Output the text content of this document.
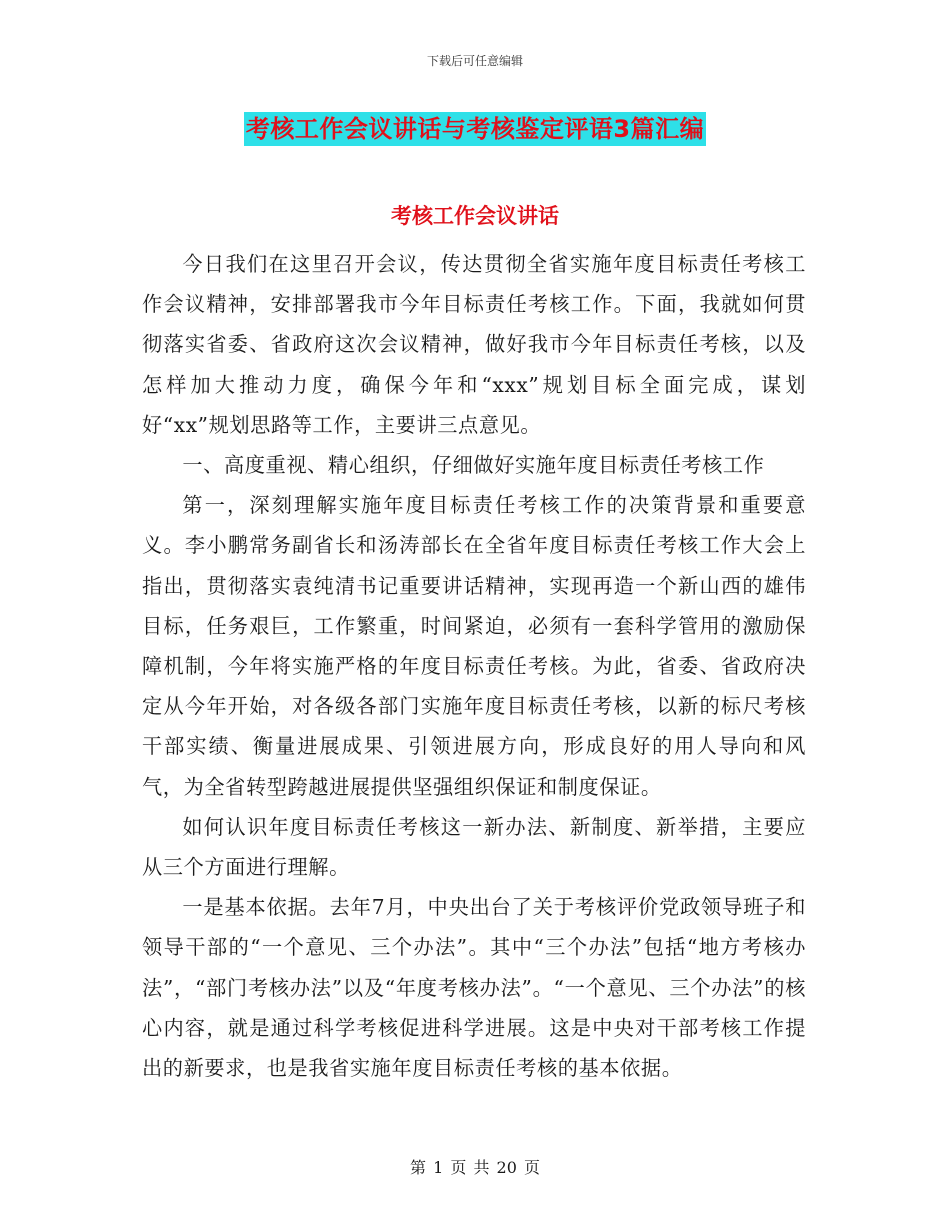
下载后可任意编辑
考核工作会议讲话与考核鉴定评语3篇汇编
考核工作会议讲话

今日我们在这里召开会议，传达贯彻全省实施年度目标责任考核工作会议精神，安排部署我市今年目标责任考核工作。下面，我就如何贯彻落实省委、省政府这次会议精神，做好我市今年目标责任考核，以及怎样加大推动力度，确保今年和“xxx”规划目标全面完成，谋划好“xx”规划思路等工作，主要讲三点意见。

一、高度重视、精心组织，仔细做好实施年度目标责任考核工作

第一，深刻理解实施年度目标责任考核工作的决策背景和重要意义。李小鹏常务副省长和汤涛部长在全省年度目标责任考核工作大会上指出，贯彻落实袁纯清书记重要讲话精神，实现再造一个新山西的雄伟目标，任务艰巨，工作繁重，时间紧迫，必须有一套科学管用的激励保障机制，今年将实施严格的年度目标责任考核。为此，省委、省政府决定从今年开始，对各级各部门实施年度目标责任考核，以新的标尺考核干部实绩、衡量进展成果、引领进展方向，形成良好的用人导向和风气，为全省转型跨越进展提供坚强组织保证和制度保证。

如何认识年度目标责任考核这一新办法、新制度、新举措，主要应从三个方面进行理解。

一是基本依据。去年7月，中央出台了关于考核评价党政领导班子和领导干部的“一个意见、三个办法”。其中“三个办法”包括“地方考核办法”，“部门考核办法”以及“年度考核办法”。“一个意见、三个办法”的核心内容，就是通过科学考核促进科学进展。这是中央对干部考核工作提出的新要求，也是我省实施年度目标责任考核的基本依据。

第 1 页 共 20 页
